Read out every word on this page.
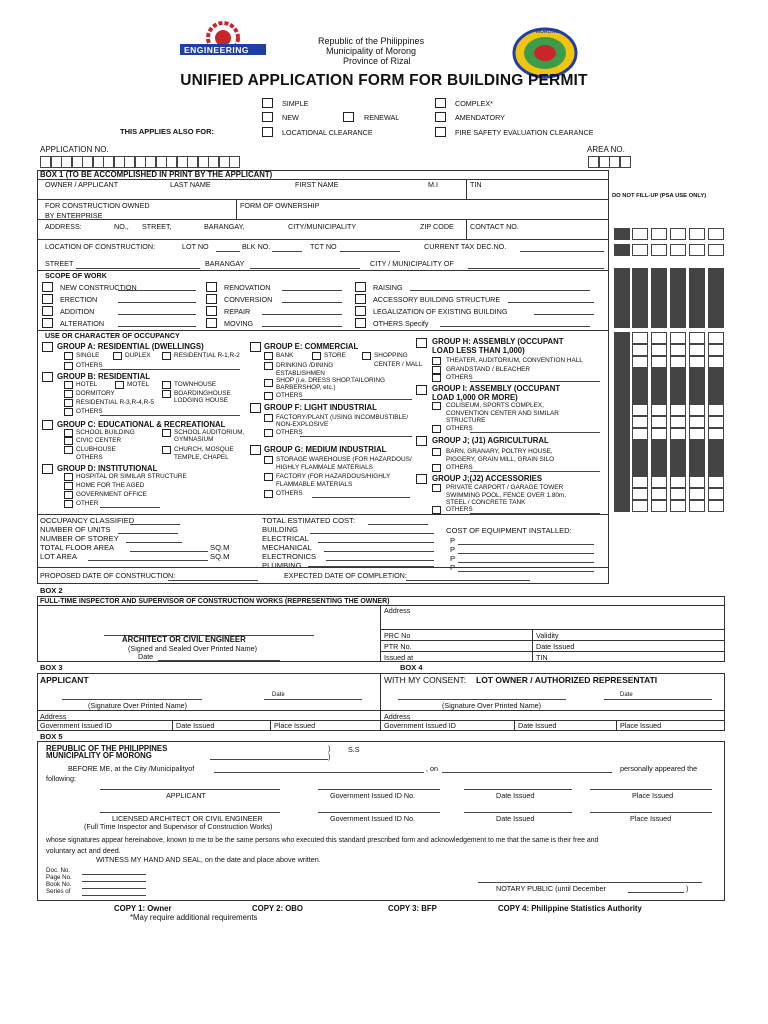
ENGINEERING
Republic of the Philippines
Municipality of Morong
Province of Rizal
MORONG
UNIFIED APPLICATION FORM FOR BUILDING PERMIT
SIMPLE
NEW	RENEWAL
COMPLEX*
AMENDATORY
THIS APPLIES ALSO FOR:	LOCATIONAL CLEARANCE	FIRE SAFETY EVALUATION CLEARANCE
APPLICATION NO.	AREA NO.
BOX 1 (TO BE ACCOMPLISHED IN PRINT BY THE APPLICANT)
OWNER / APPLICANT	LAST NAME	FIRST NAME	M.I	TIN
DO NOT FILL-UP (PSA USE ONLY)
FOR CONSTRUCTION OWNED
BY ENTERPRISE
FORM OF OWNERSHIP
ADDRESS:	NO., STREET,	BARANGAY,	CITY/MUNICIPALITY	ZIP CODE CONTACT NO.
LOCATION OF CONSTRUCTION:	LOT NO	BLK NO.	TCT NO	CURRENT TAX DEC.NO.
STREET	BARANGAY	CITY / MUNICIPALITY OF
SCOPE OF WORK
NEW CONSTRUCTION
ERECTION
ADDITION
ALTERATION
RENOVATION
CONVERSION
REPAIR
MOVING
RAISING
ACCESSORY BUILDING STRUCTURE
LEGALIZATION OF EXISTING BUILDING
OTHERS Specify
USE OR CHARACTER OF OCCUPANCY
GROUP A: RESIDENTIAL (DWELLINGS)
SINGLE	DUPLEX	RESIDENTIAL R-1,R-2
OTHERS
GROUP B: RESIDENTIAL
HOTEL	MOTEL	TOWNHOUSE
DORMITORY	BOARDINGHOUSE
LODGING HOUSE
RESIDENTIAL R-3,R-4,R-5
OTHERS
GROUP C: EDUCATIONAL & RECREATIONAL
SCHOOL BUILDING	SCHOOL AUDITORIUM,
GYMNASIUM
CIVIC CENTER
CLUBHOUSE	CHURCH, MOSQUE
OTHERS	TEMPLE, CHAPEL
GROUP D: INSTITUTIONAL
HOSPITAL OR SIMILAR STRUCTURE
HOME FOR THE AGED
GOVERNMENT OFFICE
OTHER
GROUP E: COMMERCIAL
BANK	STORE	SHOPPING
CENTER / MALL
DRINKING /DINING
ESTABLISHMEN
SHOP (i.e. DRESS SHOP,TAILORING
BARBERSHOP, etc.)
OTHERS
GROUP F: LIGHT INDUSTRIAL
FACTORY/PLANT (USING INCOMBUSTIBLE/
NON-EXPLOSIVE
OTHERS
GROUP G: MEDIUM INDUSTRIAL
STORAGE WAREHOUSE (FOR HAZARDOUS/
HIGHLY FLAMMALE MATERIALS
FACTORY (FOR HAZARDOUS/HIGHLY
FLAMMABLE MATERIALS
OTHERS
GROUP H: ASSEMBLY (OCCUPANT
LOAD LESS THAN 1,000)
THEATER, AUDITORIUM, CONVENTION HALL
GRANDSTAND / BLEACHER
OTHERS
GROUP I: ASSEMBLY (OCCUPANT
LOAD 1,000 OR MORE)
COLISEUM, SPORTS COMPLEX,
CONVENTION CENTER AND SIMILAR
STRUCTURE
OTHERS
GROUP J; (J1) AGRICULTURAL
BARN, GRANARY, POLTRY HOUSE,
PIGGERY, GRAIN MILL, GRAIN SILO
OTHERS
GROUP J;(J2) ACCESSORIES
PRIVATE CARPORT / GARAGE TOWER
SWIMMING POOL, FENCE OVER 1.80m,
STEEL / CONCRETE TANK
OTHERS
OCCUPANCY CLASSIFIED
NUMBER OF UNITS
NUMBER OF STOREY
TOTAL FLOOR AREA	SQ.M
LOT AREA	SQ.M
TOTAL ESTIMATED COST:
BUILDING
ELECTRICAL
MECHANICAL
ELECTRONICS
PLUMBING
COST OF EQUIPMENT INSTALLED:
P
P
P
P
PROPOSED DATE OF CONSTRUCTION:	EXPECTED DATE OF COMPLETION:
BOX 2
FULL-TIME INSPECTOR AND SUPERVISOR OF CONSTRUCTION WORKS (REPRESENTING THE OWNER)
Address
PRC No	Validity
PTR No.	Date Issued
Issued at	TIN
ARCHITECT OR CIVIL ENGINEER
(Signed and Sealed Over Printed Name)
Date
BOX 3	BOX 4
APPLICANT
Date
(Signature Over Printed Name)
WITH MY CONSENT: LOT OWNER / AUTHORIZED REPRESENTATI
Date
(Signature Over Printed Name)
Address	Address
Government Issued ID	Date Issued	Place Issued	Government Issued ID	Date Issued	Place Issued
BOX 5
REPUBLIC OF THE PHILIPPINES
MUNICIPALITY OF MORONG
)
)
S.S
BEFORE ME, at the City /Municipalityof	, on	personally appeared the
following:
APPLICANT	Government Issued ID No.	Date Issued	Place Issued
LICENSED ARCHITECT OR CIVIL ENGINEER	Government Issued ID No.	Date Issued	Place Issued
(Full Time Inspector and Supervisor of Construction Works)
whose signatures appear hereinabove, known to me to be the same persons who executed this standard prescribed form and acknowledgement to me that the same is their free and
voluntary act and deed.
WITNESS MY HAND AND SEAL, on the date and place above written.
Doc. No.
Page No.
Book No.
Series of	NOTARY PUBLIC (until December	)
COPY 1: Owner	COPY 2: OBO	COPY 3: BFP	COPY 4: Philippine Statistics Authority
*May require additional requirements
